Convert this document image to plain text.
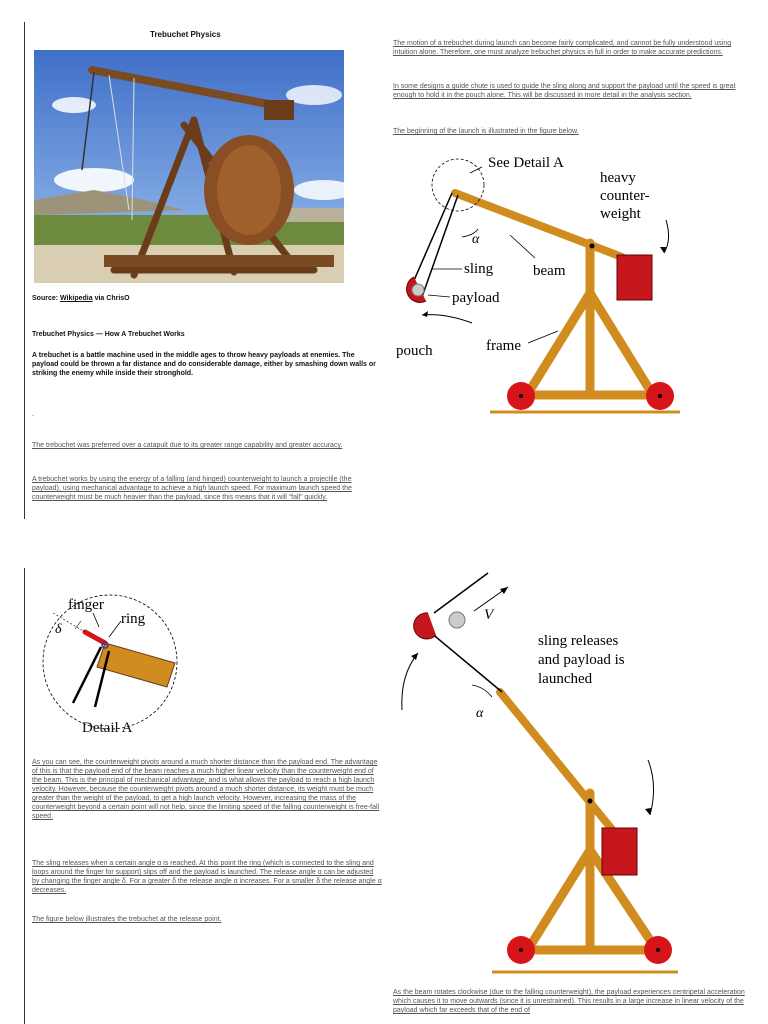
Trebuchet Physics
Source: Wikipedia via ChrisO
Trebuchet Physics — How A Trebuchet Works

A trebuchet is a battle machine used in the middle ages to throw heavy payloads at enemies. The payload could be thrown a far distance and do considerable damage, either by smashing down walls or striking the enemy while inside their stronghold.

.

The trebuchet was preferred over a catapult due to its greater range capability and greater accuracy.

A trebuchet works by using the energy of a falling (and hinged) counterweight to launch a projectile (the payload), using mechanical advantage to achieve a high launch speed. For maximum launch speed the counterweight must be much heavier than the payload, since this means that it will “fall” quickly.

The motion of a trebuchet during launch can become fairly complicated, and cannot be fully understood using intuition alone. Therefore, one must analyze trebuchet physics in full in order to make accurate predictions.

In some designs a guide chute is used to guide the sling along and support the payload until the speed is great enough to hold it in the pouch alone. This will be discussed in more detail in the analysis section.

The beginning of the launch is illustrated in the figure below.

See Detail A
heavy
counter-
weight
α
sling	beam
payload
frame
pouch
finger
ring
δ
Detail A

As you can see, the counterweight pivots around a much shorter distance than the payload end. The advantage of this is that the payload end of the beam reaches a much higher linear velocity than the counterweight end of the beam. This is the principal of mechanical advantage, and is what allows the payload to reach a high launch velocity. However, because the counterweight pivots around a much shorter distance, its weight must be much greater than the weight of the payload, to get a high launch velocity. However, increasing the mass of the counterweight beyond a certain point will not help, since the limiting speed of the falling counterweight is free-fall speed.

The sling releases when a certain angle α is reached. At this point the ring (which is connected to the sling and loops around the finger for support) slips off and the payload is launched. The release angle α can be adjusted by changing the finger angle δ. For a greater δ the release angle α increases. For a smaller δ the release angle α decreases.

The figure below illustrates the trebuchet at the release point.

V
sling releases
and payload is
launched
α

As the beam rotates clockwise (due to the falling counterweight), the payload experiences centripetal acceleration which causes it to move outwards (since it is unrestrained). This results in a large increase in linear velocity of the payload which far exceeds that of the end of
